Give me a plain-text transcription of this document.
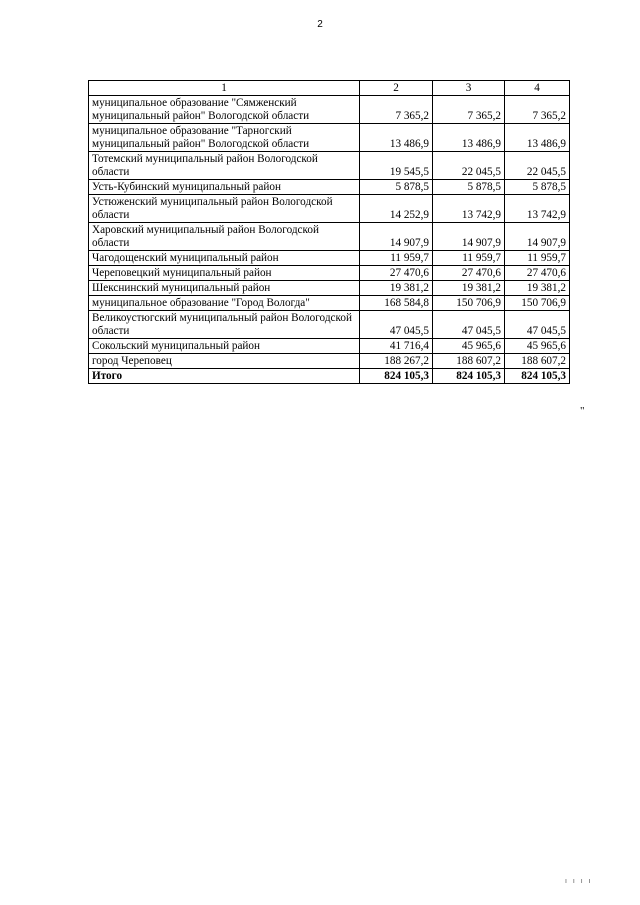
2
1	2	3	4
муниципальное образование "Сямженский муниципальный район" Вологодской области	7 365,2	7 365,2	7 365,2
муниципальное образование "Тарногский муниципальный район" Вологодской области	13 486,9	13 486,9	13 486,9
Тотемский муниципальный район Вологодской области	19 545,5	22 045,5	22 045,5
Усть-Кубинский муниципальный район	5 878,5	5 878,5	5 878,5
Устюженский муниципальный район Вологодской области	14 252,9	13 742,9	13 742,9
Харовский муниципальный район Вологодской области	14 907,9	14 907,9	14 907,9
Чагодощенский муниципальный район	11 959,7	11 959,7	11 959,7
Череповецкий муниципальный район	27 470,6	27 470,6	27 470,6
Шекснинский муниципальный район	19 381,2	19 381,2	19 381,2
муниципальное образование "Город Вологда"	168 584,8	150 706,9	150 706,9
Великоустюгский муниципальный район Вологодской области	47 045,5	47 045,5	47 045,5
Сокольский муниципальный район	41 716,4	45 965,6	45 965,6
город Череповец	188 267,2	188 607,2	188 607,2
Итого	824 105,3	824 105,3	824 105,3
"
ı ı ı ı
